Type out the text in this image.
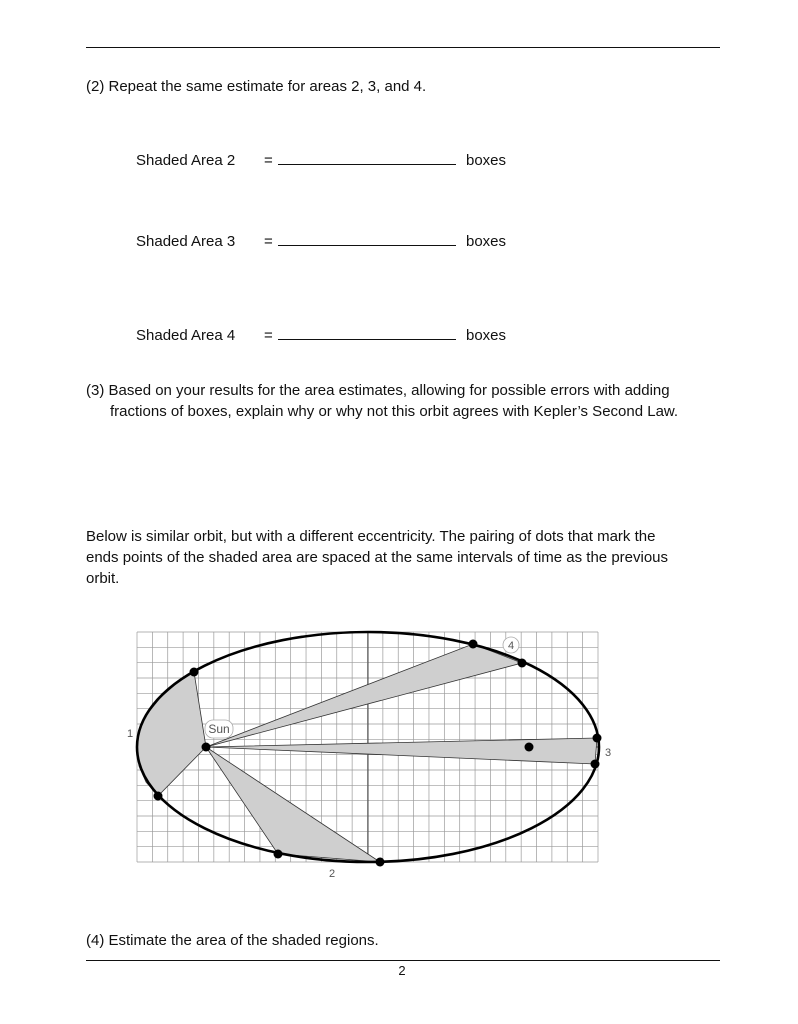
(2) Repeat the same estimate for areas 2, 3, and 4.

Shaded Area 2	=	boxes
Shaded Area 3	=	boxes
Shaded Area 4	=	boxes
(3) Based on your results for the area estimates, allowing for possible errors with adding
fractions of boxes, explain why or why not this orbit agrees with Kepler’s Second Law.

Below is similar orbit, but with a different eccentricity. The pairing of dots that mark the

ends points of the shaded area are spaced at the same intervals of time as the previous

orbit.

Sun
1
2
3
4

(4) Estimate the area of the shaded regions.

2
